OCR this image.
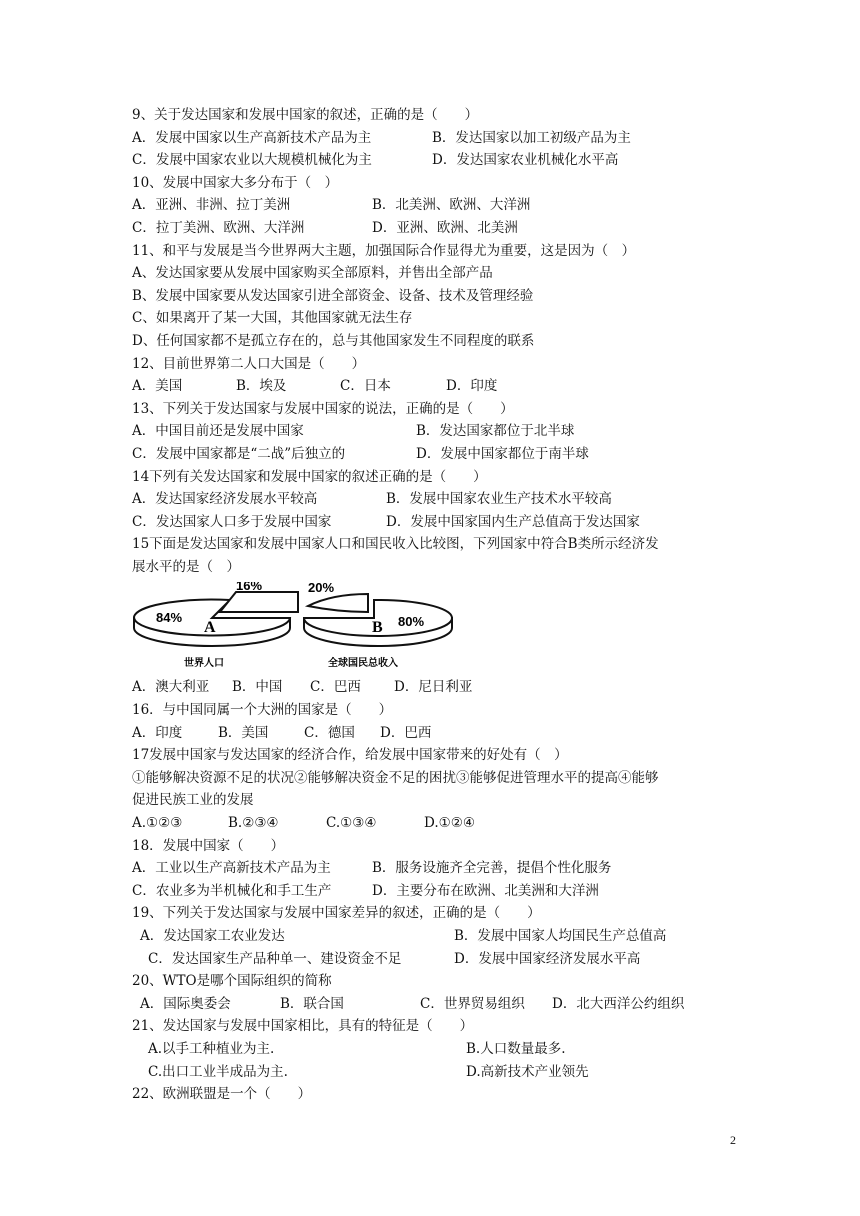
9、关于发达国家和发展中国家的叙述，正确的是（　　）
A．发展中国家以生产高新技术产品为主	B．发达国家以加工初级产品为主
C．发展中国家农业以大规模机械化为主	D．发达国家农业机械化水平高
10、发展中国家大多分布于（　）
A．亚洲、非洲、拉丁美洲	B．北美洲、欧洲、大洋洲
C．拉丁美洲、欧洲、大洋洲	D．亚洲、欧洲、北美洲
11、和平与发展是当今世界两大主题，加强国际合作显得尤为重要，这是因为（　）
A、发达国家要从发展中国家购买全部原料，并售出全部产品
B、发展中国家要从发达国家引进全部资金、设备、技术及管理经验
C、如果离开了某一大国，其他国家就无法生存
D、任何国家都不是孤立存在的，总与其他国家发生不同程度的联系
12、目前世界第二人口大国是（　　）
A．美国	B．埃及	C．日本	D．印度
13、下列关于发达国家与发展中国家的说法，正确的是（　　）
A．中国目前还是发展中国家	B．发达国家都位于北半球
C．发展中国家都是“二战”后独立的	D．发展中国家都位于南半球
14下列有关发达国家和发展中国家的叙述正确的是（　　）
A．发达国家经济发展水平较高	B．发展中国家农业生产技术水平较高
C．发达国家人口多于发展中国家	D．发展中国家国内生产总值高于发达国家
15下面是发达国家和发展中国家人口和国民收入比较图，下列国家中符合B类所示经济发
展水平的是（　）
84%
16%
A
世界人口
20%
80%
B
全球国民总收入
A．澳大利亚	B．中国	C．巴西	D．尼日利亚
16．与中国同属一个大洲的国家是（　　）
A．印度	B．美国	C．德国	D．巴西
17发展中国家与发达国家的经济合作，给发展中国家带来的好处有（　）
①能够解决资源不足的状况②能够解决资金不足的困扰③能够促进管理水平的提高④能够
促进民族工业的发展
A.①②③	B.②③④	C.①③④	D.①②④
18．发展中国家（　　）
A．工业以生产高新技术产品为主	B．服务设施齐全完善，提倡个性化服务
C．农业多为半机械化和手工生产	D．主要分布在欧洲、北美洲和大洋洲
19、下列关于发达国家与发展中国家差异的叙述，正确的是（　　）
A．发达国家工农业发达	B．发展中国家人均国民生产总值高
C．发达国家生产品种单一、建设资金不足	D．发展中国家经济发展水平高
20、WTO是哪个国际组织的简称
A．国际奥委会	B．联合国	C．世界贸易组织	D．北大西洋公约组织
21、发达国家与发展中国家相比，具有的特征是（　　）
A.以手工种植业为主.	B.人口数量最多.
C.出口工业半成品为主.	D.高新技术产业领先
22、欧洲联盟是一个（　　）
2
